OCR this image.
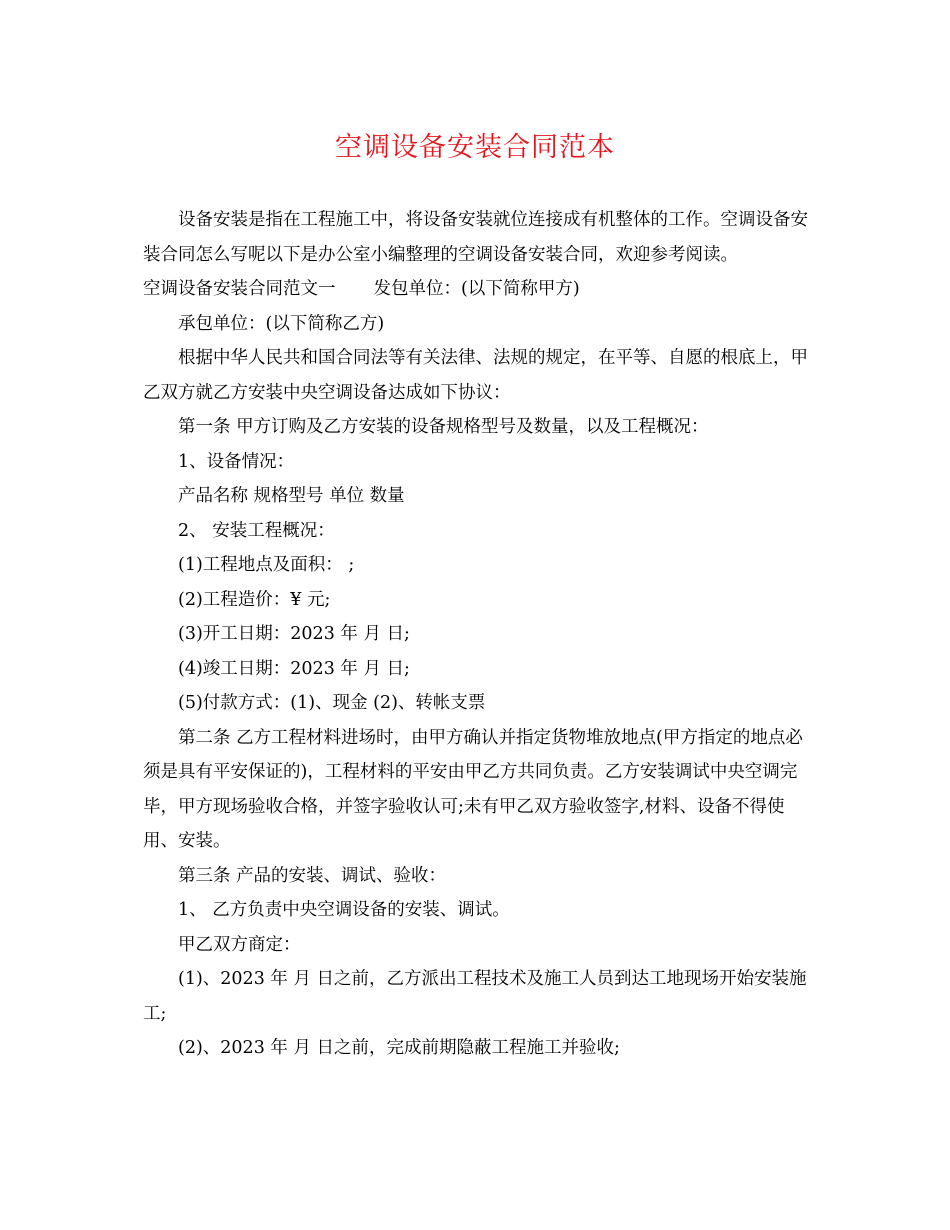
空调设备安装合同范本

设备安装是指在工程施工中，将设备安装就位连接成有机整体的工作。空调设备安装合同怎么写呢以下是办公室小编整理的空调设备安装合同，欢迎参考阅读。

空调设备安装合同范文一 发包单位：(以下简称甲方)

承包单位：(以下简称乙方)

根据中华人民共和国合同法等有关法律、法规的规定，在平等、自愿的根底上，甲乙双方就乙方安装中央空调设备达成如下协议：

第一条 甲方订购及乙方安装的设备规格型号及数量，以及工程概况：

1、设备情况：

产品名称 规格型号 单位 数量

2、 安装工程概况：

(1)工程地点及面积： ;

(2)工程造价：¥ 元;

(3)开工日期：2023 年 月 日;

(4)竣工日期：2023 年 月 日;

(5)付款方式：(1)、现金 (2)、转帐支票

第二条 乙方工程材料进场时，由甲方确认并指定货物堆放地点(甲方指定的地点必须是具有平安保证的)，工程材料的平安由甲乙方共同负责。乙方安装调试中央空调完毕，甲方现场验收合格，并签字验收认可;未有甲乙双方验收签字,材料、设备不得使用、安装。

第三条 产品的安装、调试、验收：

1、 乙方负责中央空调设备的安装、调试。

甲乙双方商定：

(1)、2023 年 月 日之前，乙方派出工程技术及施工人员到达工地现场开始安装施工;

(2)、2023 年 月 日之前，完成前期隐蔽工程施工并验收;
